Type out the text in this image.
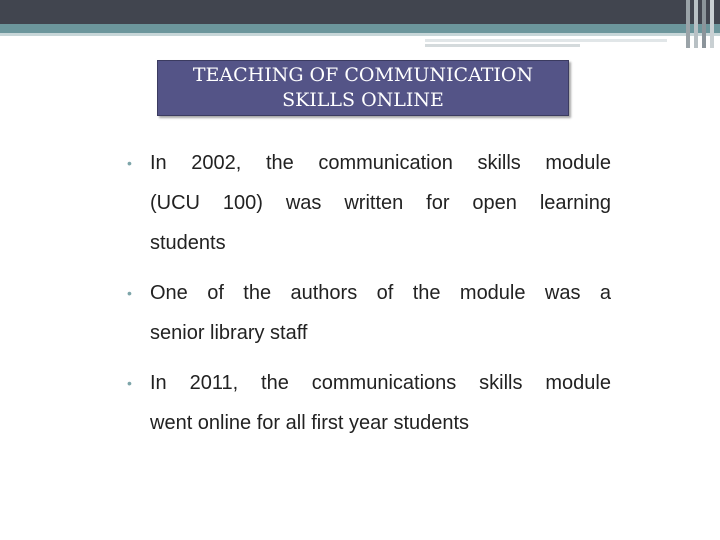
TEACHING OF COMMUNICATION
SKILLS ONLINE
• In 2002, the communication skills module
(UCU 100) was written for open learning
students
• One of the authors of the module was a
senior library staff
• In 2011, the communications skills module
went online for all first year students
